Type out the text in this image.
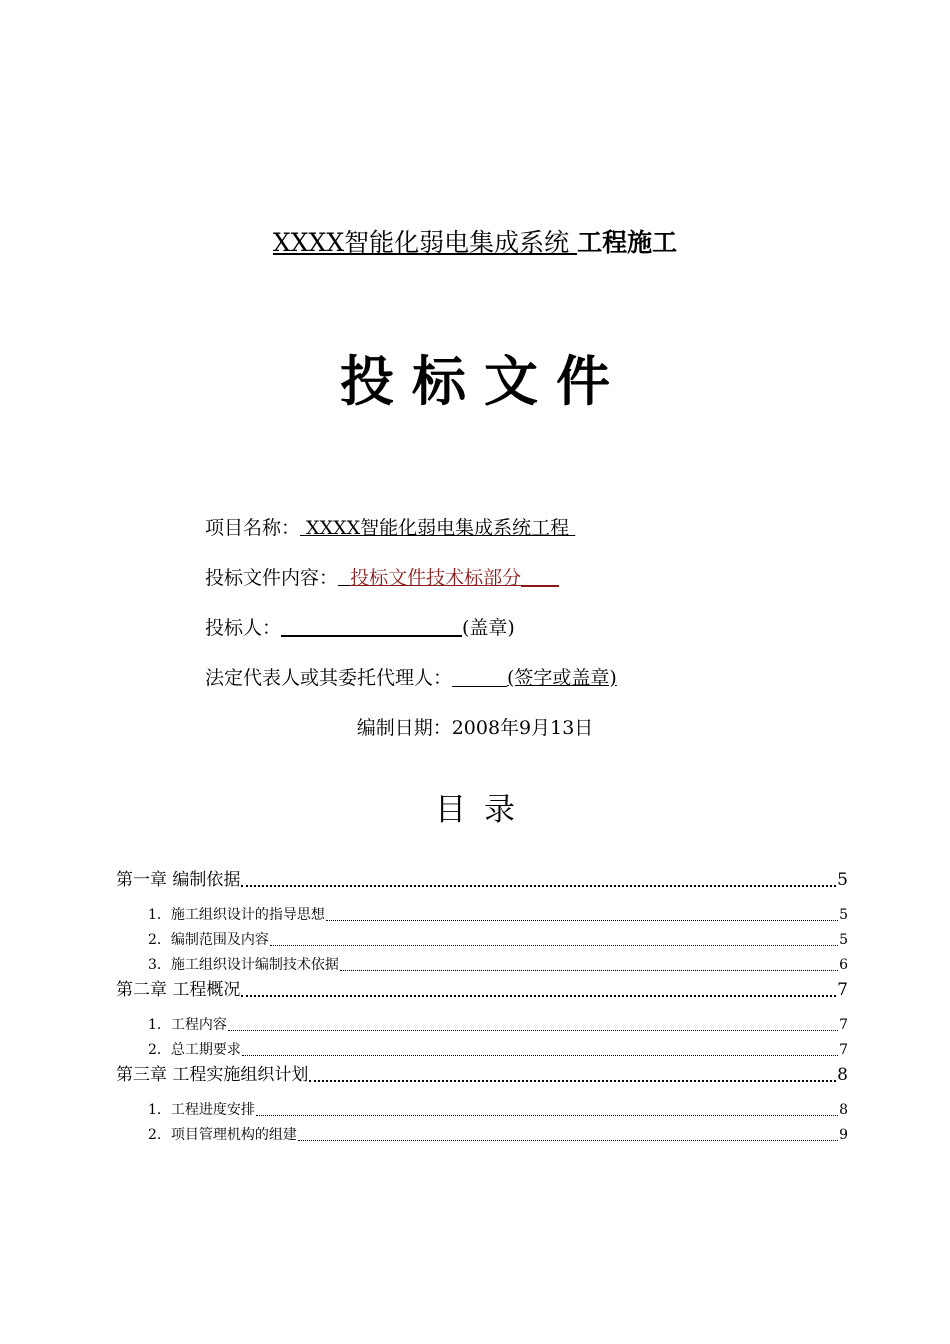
XXXX智能化弱电集成系统 工程施工
投标文件
项目名称： XXXX智能化弱电集成系统工程
投标文件内容： 投标文件技术标部分
投标人：	(盖章)
法定代表人或其委托代理人：	(签字或盖章)
编制日期：2008年9月13日
目录
第一章 编制依据	5
1．施工组织设计的指导思想	5
2．编制范围及内容	5
3．施工组织设计编制技术依据	6
第二章 工程概况	7
1．工程内容	7
2．总工期要求	7
第三章 工程实施组织计划	8
1．工程进度安排	8
2．项目管理机构的组建	9
